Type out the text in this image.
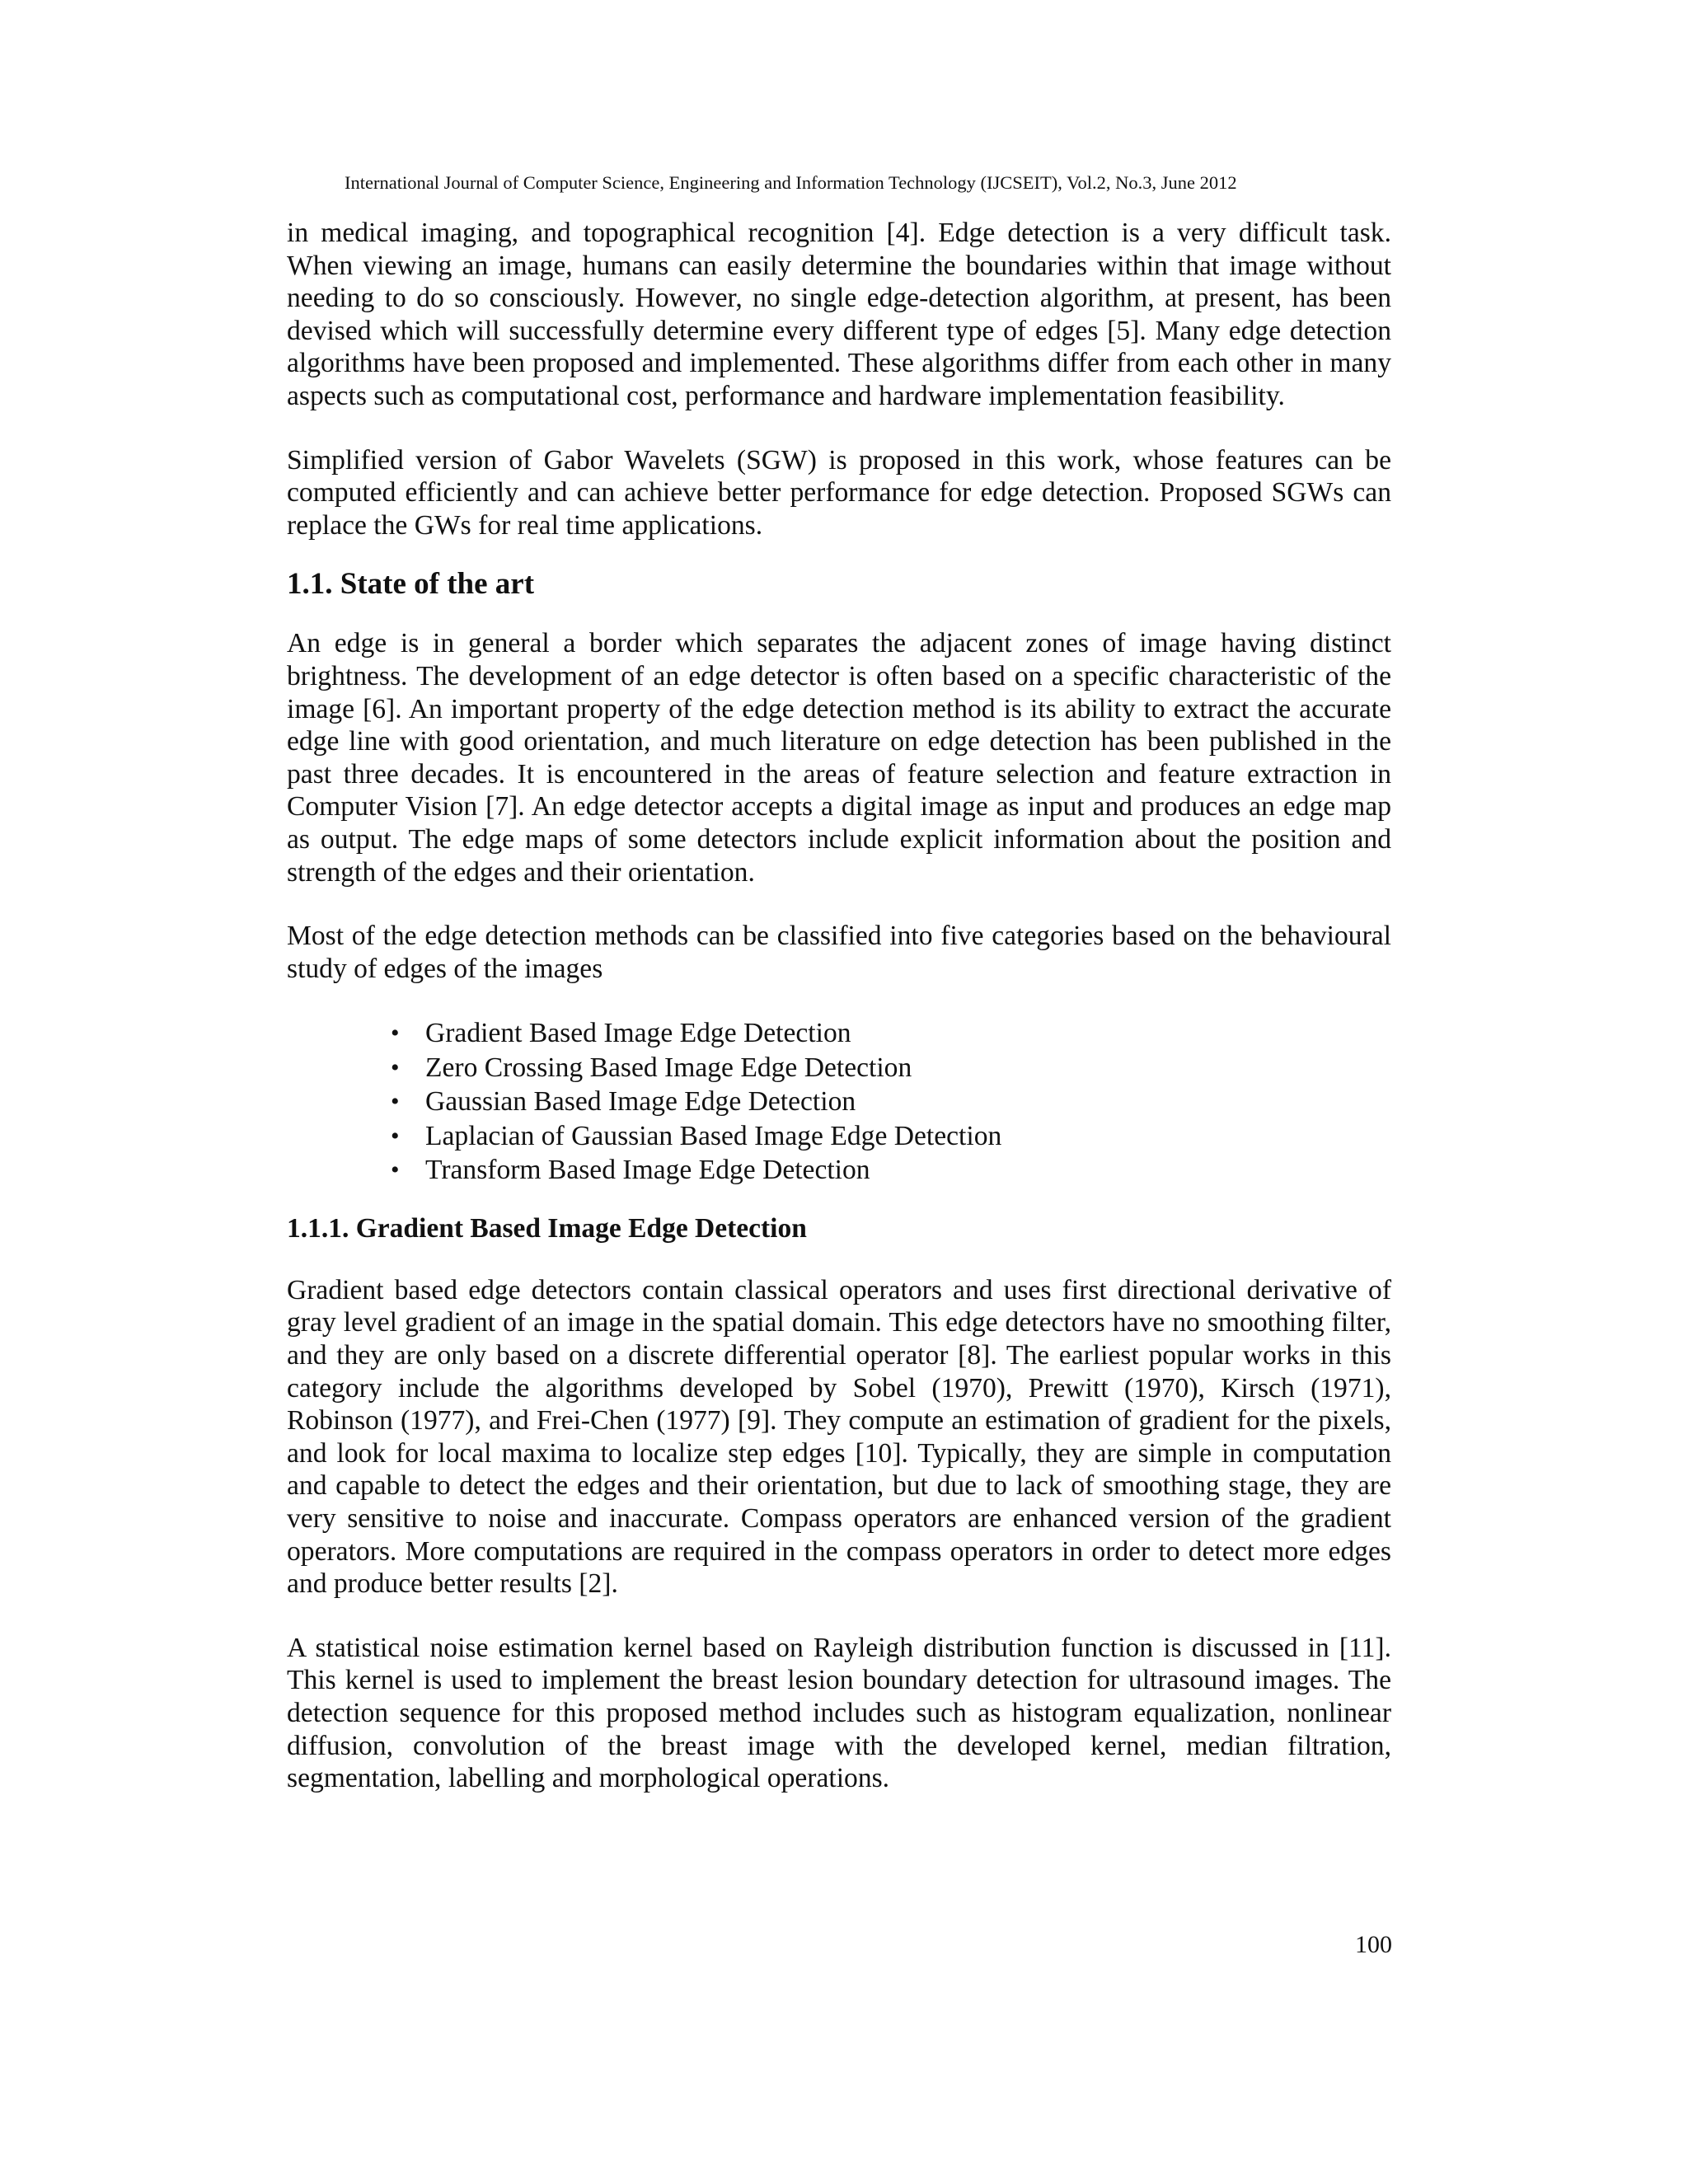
International Journal of Computer Science, Engineering and Information Technology (IJCSEIT), Vol.2, No.3, June 2012

in medical imaging, and topographical recognition [4]. Edge detection is a very difficult task. When viewing an image, humans can easily determine the boundaries within that image without needing to do so consciously. However, no single edge-detection algorithm, at present, has been devised which will successfully determine every different type of edges [5]. Many edge detection algorithms have been proposed and implemented. These algorithms differ from each other in many aspects such as computational cost, performance and hardware implementation feasibility.

Simplified version of Gabor Wavelets (SGW) is proposed in this work, whose features can be computed efficiently and can achieve better performance for edge detection. Proposed SGWs can replace the GWs for real time applications.

1.1. State of the art

An edge is in general a border which separates the adjacent zones of image having distinct brightness. The development of an edge detector is often based on a specific characteristic of the image [6]. An important property of the edge detection method is its ability to extract the accurate edge line with good orientation, and much literature on edge detection has been published in the past three decades. It is encountered in the areas of feature selection and feature extraction in Computer Vision [7]. An edge detector accepts a digital image as input and produces an edge map as output. The edge maps of some detectors include explicit information about the position and strength of the edges and their orientation.

Most of the edge detection methods can be classified into five categories based on the behavioural study of edges of the images

• Gradient Based Image Edge Detection
• Zero Crossing Based Image Edge Detection
• Gaussian Based Image Edge Detection
• Laplacian of Gaussian Based Image Edge Detection
• Transform Based Image Edge Detection
1.1.1. Gradient Based Image Edge Detection

Gradient based edge detectors contain classical operators and uses first directional derivative of gray level gradient of an image in the spatial domain. This edge detectors have no smoothing filter, and they are only based on a discrete differential operator [8]. The earliest popular works in this category include the algorithms developed by Sobel (1970), Prewitt (1970), Kirsch (1971), Robinson (1977), and Frei-Chen (1977) [9]. They compute an estimation of gradient for the pixels, and look for local maxima to localize step edges [10]. Typically, they are simple in computation and capable to detect the edges and their orientation, but due to lack of smoothing stage, they are very sensitive to noise and inaccurate. Compass operators are enhanced version of the gradient operators. More computations are required in the compass operators in order to detect more edges and produce better results [2].

A statistical noise estimation kernel based on Rayleigh distribution function is discussed in [11]. This kernel is used to implement the breast lesion boundary detection for ultrasound images. The detection sequence for this proposed method includes such as histogram equalization, nonlinear diffusion, convolution of the breast image with the developed kernel, median filtration, segmentation, labelling and morphological operations.

100
